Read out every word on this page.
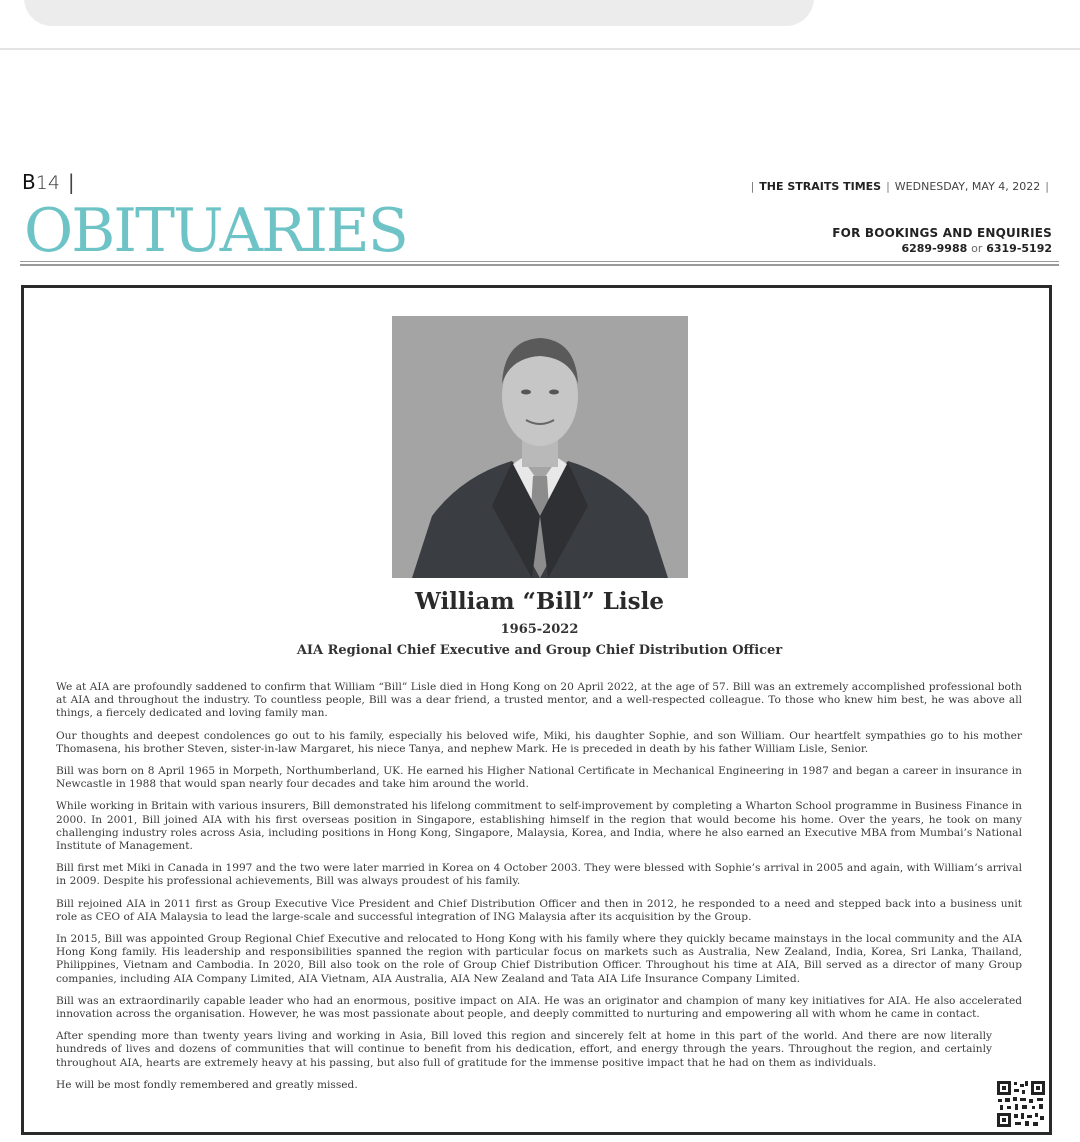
B14 |
OBITUARIES
| THE STRAITS TIMES | WEDNESDAY, MAY 4, 2022 |
FOR BOOKINGS AND ENQUIRIES
6289-9988 or 6319-5192
William “Bill” Lisle
1965-2022
AIA Regional Chief Executive and Group Chief Distribution Officer

We at AIA are profoundly saddened to confirm that William “Bill” Lisle died in Hong Kong on 20 April 2022, at the age of 57. Bill was an extremely accomplished professional both at AIA and throughout the industry. To countless people, Bill was a dear friend, a trusted mentor, and a well-respected colleague. To those who knew him best, he was above all things, a fiercely dedicated and loving family man.

Our thoughts and deepest condolences go out to his family, especially his beloved wife, Miki, his daughter Sophie, and son William. Our heartfelt sympathies go to his mother Thomasena, his brother Steven, sister-in-law Margaret, his niece Tanya, and nephew Mark. He is preceded in death by his father William Lisle, Senior.

Bill was born on 8 April 1965 in Morpeth, Northumberland, UK. He earned his Higher National Certificate in Mechanical Engineering in 1987 and began a career in insurance in Newcastle in 1988 that would span nearly four decades and take him around the world.

While working in Britain with various insurers, Bill demonstrated his lifelong commitment to self-improvement by completing a Wharton School programme in Business Finance in 2000. In 2001, Bill joined AIA with his first overseas position in Singapore, establishing himself in the region that would become his home. Over the years, he took on many challenging industry roles across Asia, including positions in Hong Kong, Singapore, Malaysia, Korea, and India, where he also earned an Executive MBA from Mumbai’s National Institute of Management.

Bill first met Miki in Canada in 1997 and the two were later married in Korea on 4 October 2003. They were blessed with Sophie’s arrival in 2005 and again, with William’s arrival in 2009. Despite his professional achievements, Bill was always proudest of his family.

Bill rejoined AIA in 2011 first as Group Executive Vice President and Chief Distribution Officer and then in 2012, he responded to a need and stepped back into a business unit role as CEO of AIA Malaysia to lead the large-scale and successful integration of ING Malaysia after its acquisition by the Group.

In 2015, Bill was appointed Group Regional Chief Executive and relocated to Hong Kong with his family where they quickly became mainstays in the local community and the AIA Hong Kong family. His leadership and responsibilities spanned the region with particular focus on markets such as Australia, New Zealand, India, Korea, Sri Lanka, Thailand, Philippines, Vietnam and Cambodia. In 2020, Bill also took on the role of Group Chief Distribution Officer. Throughout his time at AIA, Bill served as a director of many Group companies, including AIA Company Limited, AIA Vietnam, AIA Australia, AIA New Zealand and Tata AIA Life Insurance Company Limited.

Bill was an extraordinarily capable leader who had an enormous, positive impact on AIA. He was an originator and champion of many key initiatives for AIA. He also accelerated innovation across the organisation. However, he was most passionate about people, and deeply committed to nurturing and empowering all with whom he came in contact.

After spending more than twenty years living and working in Asia, Bill loved this region and sincerely felt at home in this part of the world. And there are now literally hundreds of lives and dozens of communities that will continue to benefit from his dedication, effort, and energy through the years. Throughout the region, and certainly throughout AIA, hearts are extremely heavy at his passing, but also full of gratitude for the immense positive impact that he had on them as individuals.

He will be most fondly remembered and greatly missed.
